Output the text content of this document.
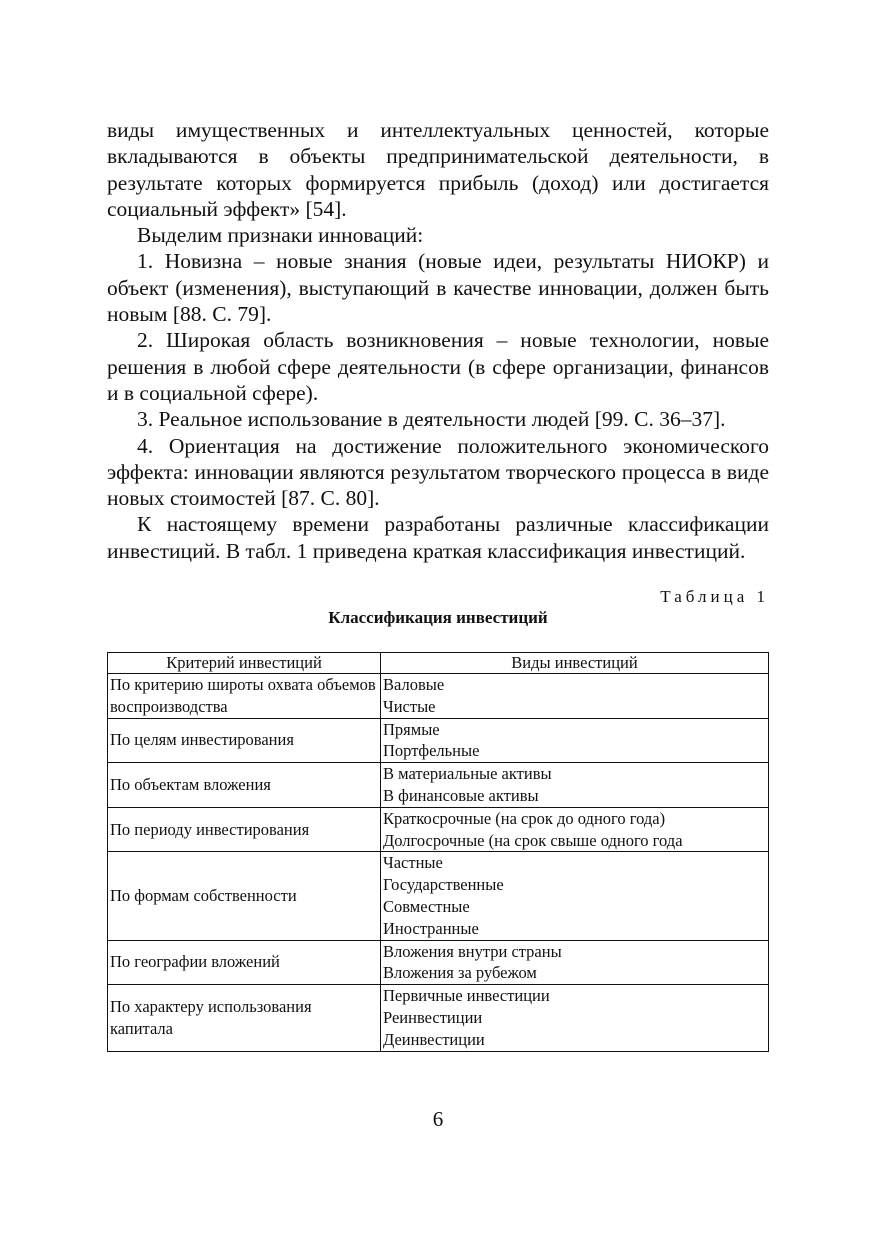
виды имущественных и интеллектуальных ценностей, которые вкладываются в объекты предпринимательской деятельности, в результате которых формируется прибыль (доход) или достигается социальный эффект» [54].

Выделим признаки инноваций:

1. Новизна – новые знания (новые идеи, результаты НИОКР) и объект (изменения), выступающий в качестве инновации, должен быть новым [88. С. 79].

2. Широкая область возникновения – новые технологии, новые решения в любой сфере деятельности (в сфере организации, финансов и в социальной сфере).

3. Реальное использование в деятельности людей [99. С. 36–37].

4. Ориентация на достижение положительного экономического эффекта: инновации являются результатом творческого процесса в виде новых стоимостей [87. С. 80].

К настоящему времени разработаны различные классификации инвестиций. В табл. 1 приведена краткая классификация инвестиций.

Таблица 1
Классификация инвестиций
Критерий инвестиций	Виды инвестиций
По критерию широты охвата объемов воспроизводства	Валовые
Чистые

По целям инвестирования	Прямые
Портфельные

По объектам вложения	В материальные активы
В финансовые активы

По периоду инвестирования	Краткосрочные (на срок до одного года)
Долгосрочные (на срок свыше одного года

По формам собственности	Частные
Государственные
Совместные
Иностранные

По географии вложений	Вложения внутри страны
Вложения за рубежом

По характеру использования капитала	Первичные инвестиции
Реинвестиции
Деинвестиции
6
